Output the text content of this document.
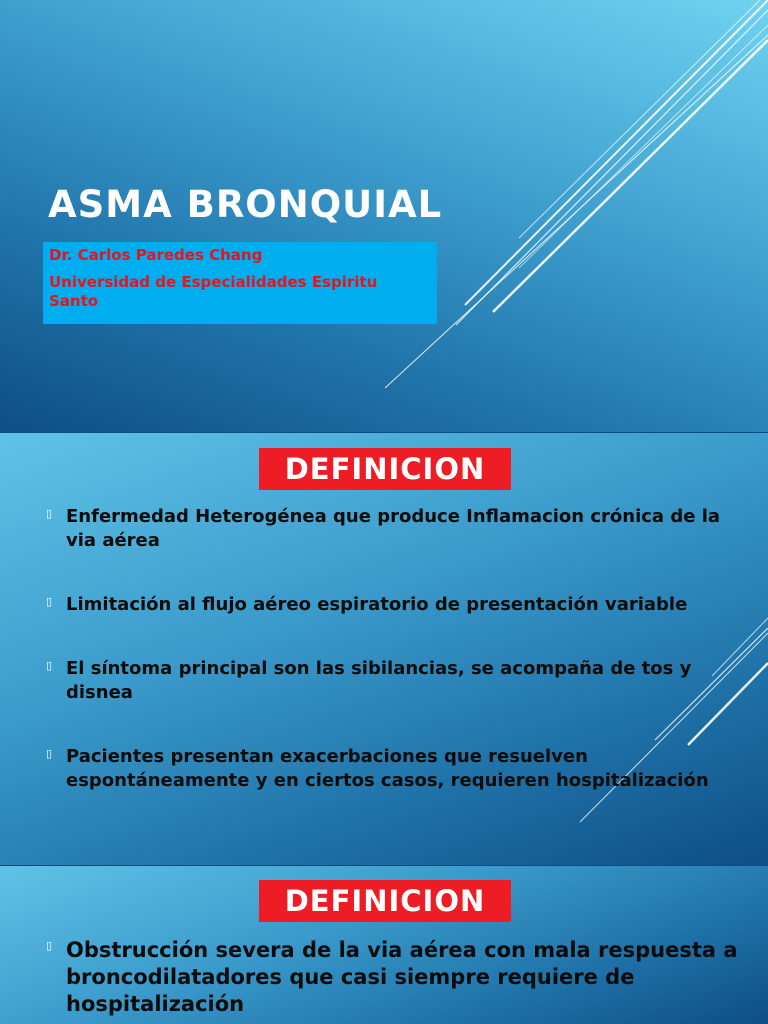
ASMA BRONQUIAL
Dr. Carlos Paredes Chang
Universidad de Especialidades Espiritu Santo
DEFINICION
▯ Enfermedad Heterogénea que produce Inflamacion crónica de la via aérea
▯ Limitación al flujo aéreo espiratorio de presentación variable
▯ El síntoma principal son las sibilancias, se acompaña de tos y disnea
▯ Pacientes presentan exacerbaciones que resuelven espontáneamente y en ciertos casos, requieren hospitalización
DEFINICION
▯ Obstrucción severa de la via aérea con mala respuesta a broncodilatadores que casi siempre requiere de hospitalización
